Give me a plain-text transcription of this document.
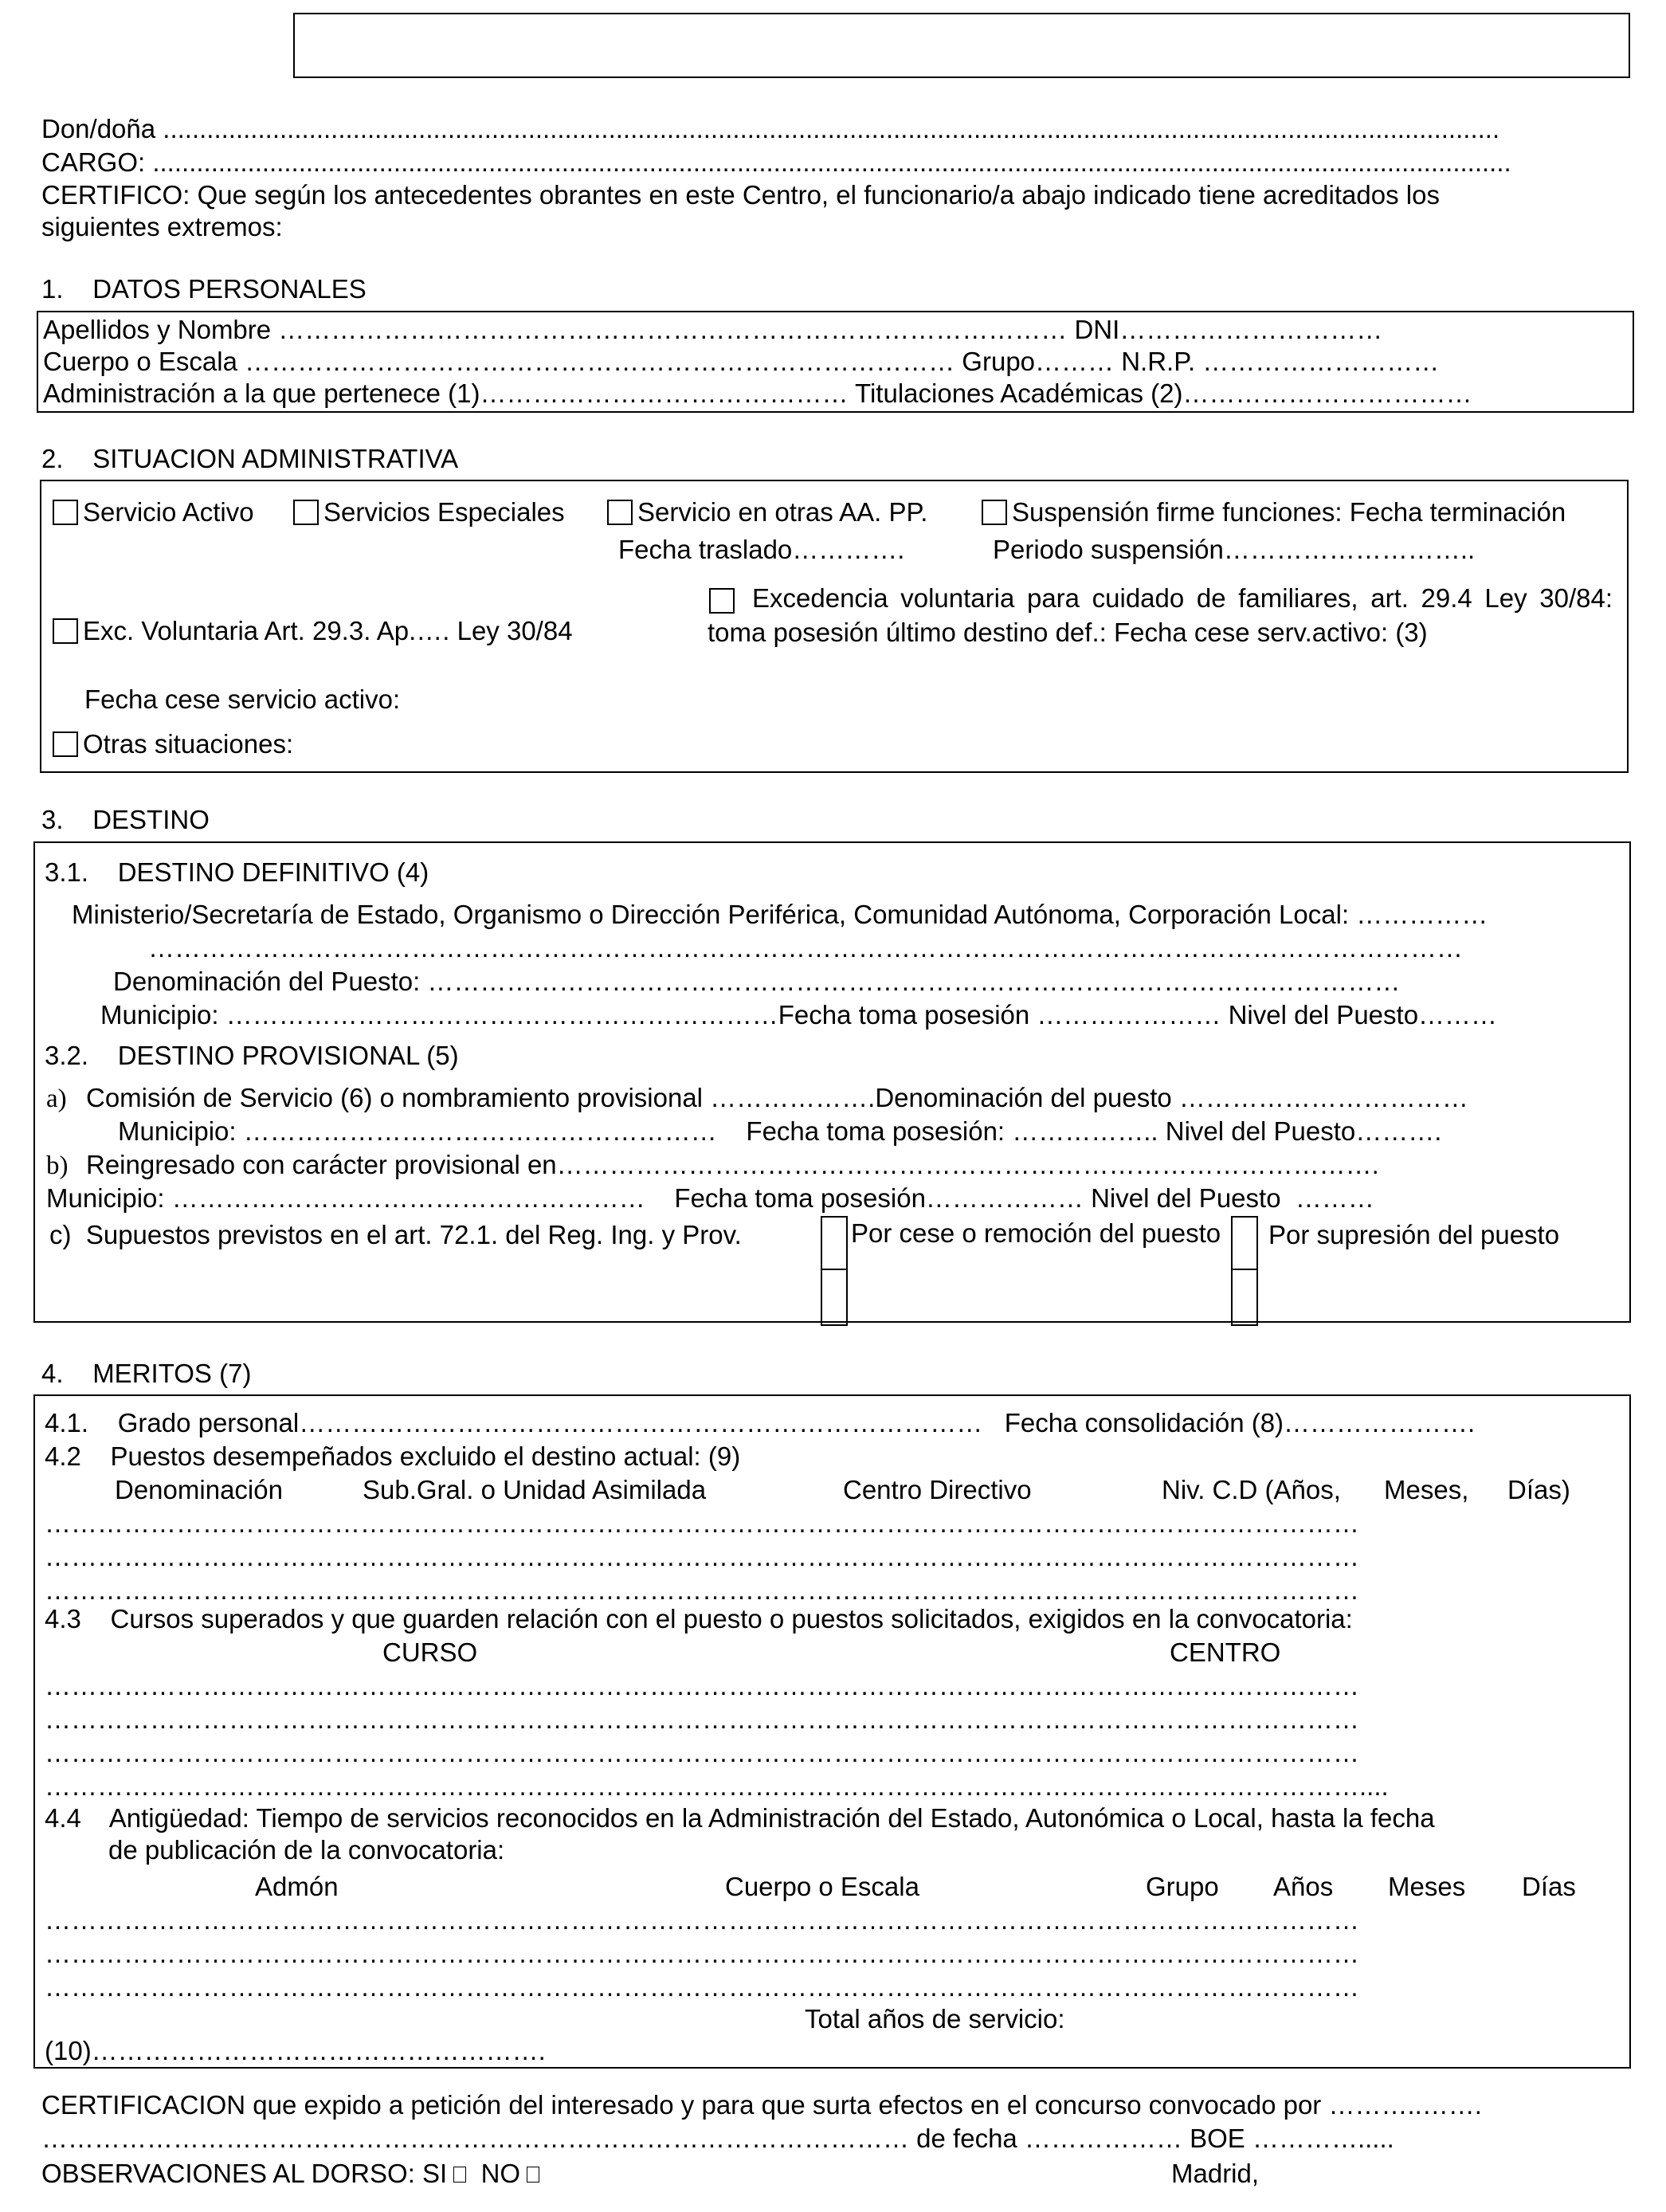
Don/doña .......................................................................................................................................................................................
CARGO: ..........................................................................................................................................................................................
CERTIFICO: Que según los antecedentes obrantes en este Centro, el funcionario/a abajo indicado tiene acreditados los
siguientes extremos:
1.    DATOS PERSONALES
Apellidos y Nombre ……………………………………………………………………………… DNI…………………………
Cuerpo o Escala ……………………………………………………………………… Grupo……… N.R.P. ………………………
Administración a la que pertenece (1)…………………………………… Titulaciones Académicas (2)……………………………
2.    SITUACION ADMINISTRATIVA
Servicio Activo	Servicios Especiales	Servicio en otras AA. PP.	Suspensión firme funciones: Fecha terminación
Fecha traslado………….	Periodo suspensión………………………..
Exc. Voluntaria Art. 29.3. Ap.…. Ley 30/84
Excedencia voluntaria para cuidado de familiares, art. 29.4 Ley 30/84: toma posesión último destino def.: Fecha cese serv.activo: (3)
Fecha cese servicio activo:
Otras situaciones:
3.    DESTINO
3.1.    DESTINO DEFINITIVO (4)
Ministerio/Secretaría de Estado, Organismo o Dirección Periférica, Comunidad Autónoma, Corporación Local: ……………
……………………………………………………………………………………………………………………………………
Denominación del Puesto: …………………………………………………………………………………………………
Municipio: ………………………………………………………Fecha toma posesión ………………… Nivel del Puesto………
3.2.    DESTINO PROVISIONAL (5)
a) Comisión de Servicio (6) o nombramiento provisional ……………….Denominación del puesto ……………………………
Municipio: ………………………………………………    Fecha toma posesión: …………….. Nivel del Puesto……….
b) Reingresado con carácter provisional en………………………………………………………………………………….
Municipio: ………………………………………………    Fecha toma posesión……………… Nivel del Puesto  ………
c)  Supuestos previstos en el art. 72.1. del Reg. Ing. y Prov.	Por cese o remoción del puesto	Por supresión del puesto
4.    MERITOS (7)
4.1.    Grado personal……………………………………………………………………   Fecha consolidación (8)………………….
4.2    Puestos desempeñados excluido el destino actual: (9)
Denominación	Sub.Gral. o Unidad Asimilada	Centro Directivo	Niv. C.D (Años, Meses, Días)
……………………………………………………………………………………………………………………………………
……………………………………………………………………………………………………………………………………
……………………………………………………………………………………………………………………………………
4.3    Cursos superados y que guarden relación con el puesto o puestos solicitados, exigidos en la convocatoria:
CURSO	CENTRO
……………………………………………………………………………………………………………………………………
……………………………………………………………………………………………………………………………………
……………………………………………………………………………………………………………………………………
……………………………………………………………………………………………………………………………………....
4.4    Antigüedad: Tiempo de servicios reconocidos en la Administración del Estado, Autonómica o Local, hasta la fecha
de publicación de la convocatoria:
Admón	Cuerpo o Escala	Grupo Años Meses Días
……………………………………………………………………………………………………………………………………
……………………………………………………………………………………………………………………………………
……………………………………………………………………………………………………………………………………
Total años de servicio:
(10)…………………………………………….
CERTIFICACION que expido a petición del interesado y para que surta efectos en el concurso convocado por ………..…….
……………………………………………………………………………………… de fecha ……………… BOE ………….....
OBSERVACIONES AL DORSO: SI NO	Madrid,
